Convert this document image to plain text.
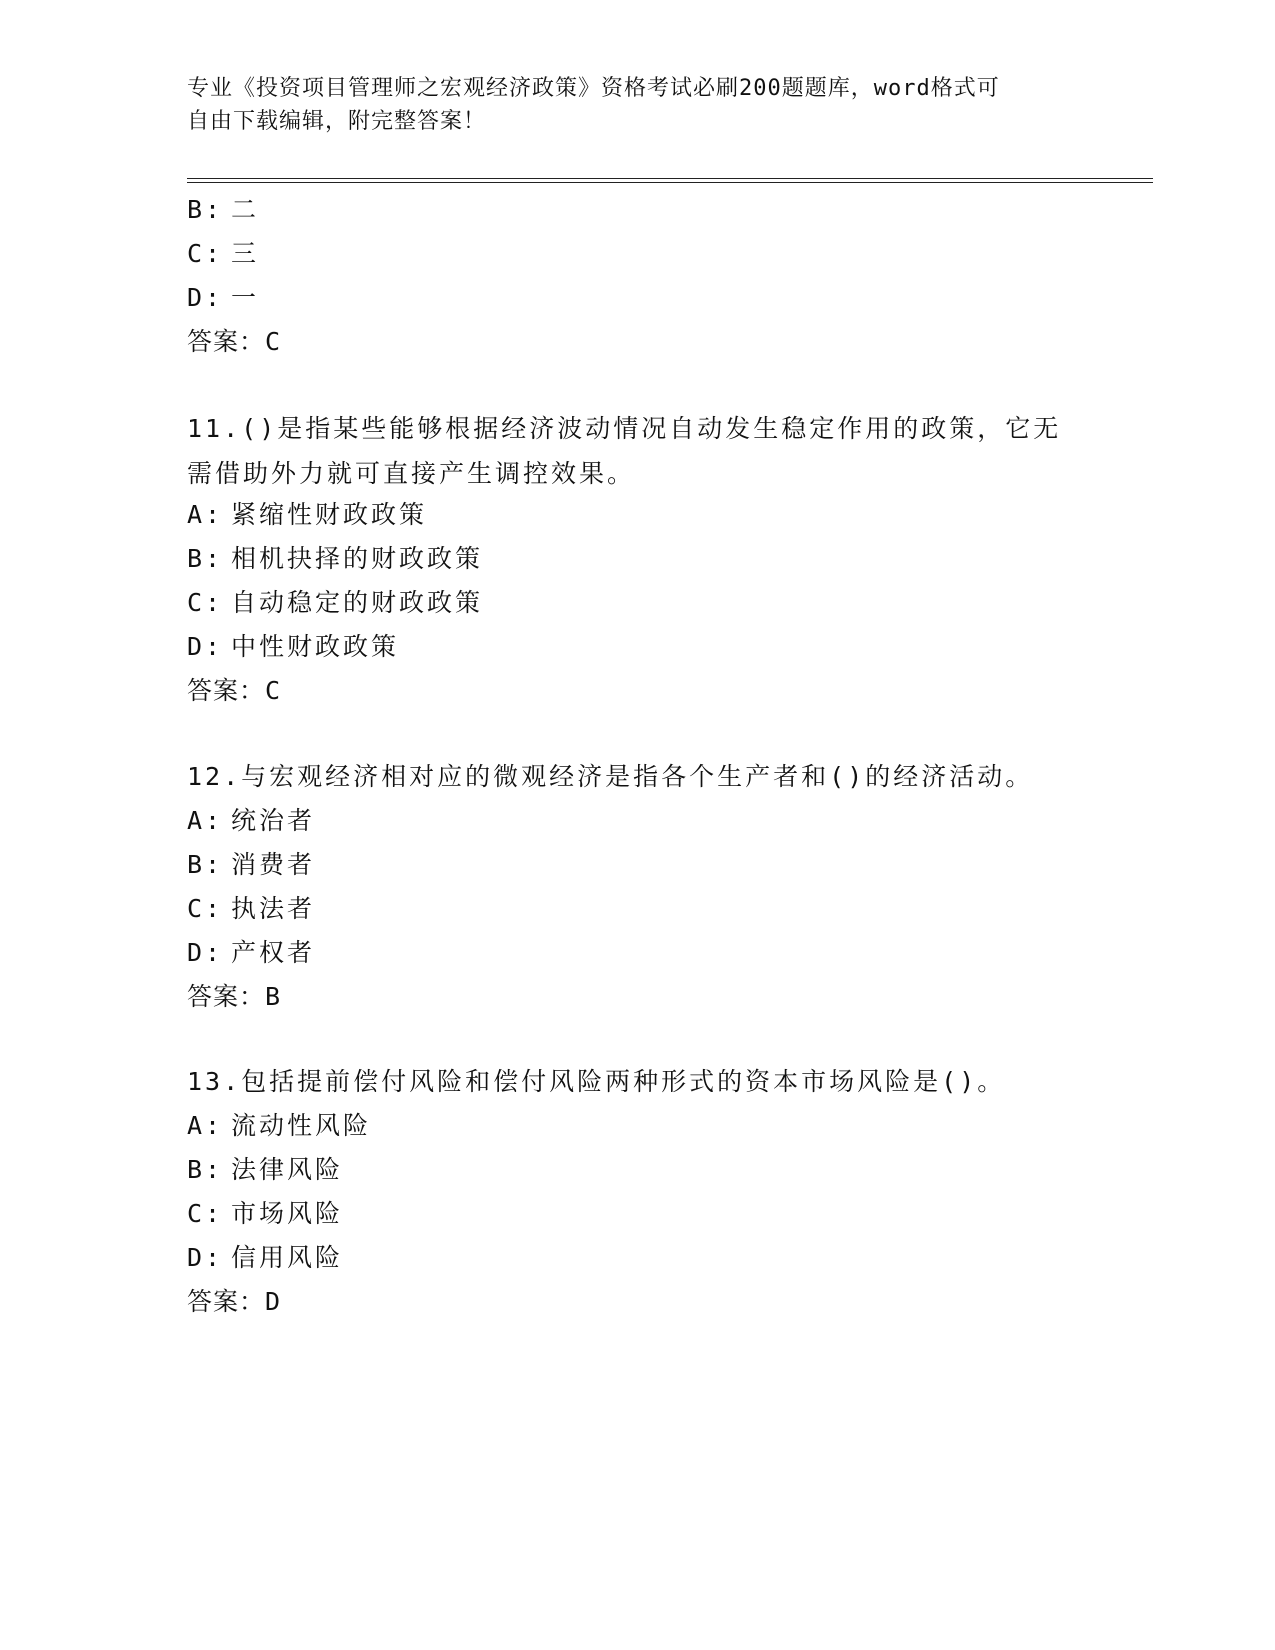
专业《投资项目管理师之宏观经济政策》资格考试必刷200题题库，word格式可
自由下载编辑，附完整答案！
B: 二
C: 三
D: 一
答案：C
11.()是指某些能够根据经济波动情况自动发生稳定作用的政策，它无需借助外力就可直接产生调控效果。
A: 紧缩性财政政策
B: 相机抉择的财政政策
C: 自动稳定的财政政策
D: 中性财政政策
答案：C
12.与宏观经济相对应的微观经济是指各个生产者和()的经济活动。
A: 统治者
B: 消费者
C: 执法者
D: 产权者
答案：B
13.包括提前偿付风险和偿付风险两种形式的资本市场风险是()。
A: 流动性风险
B: 法律风险
C: 市场风险
D: 信用风险
答案：D
